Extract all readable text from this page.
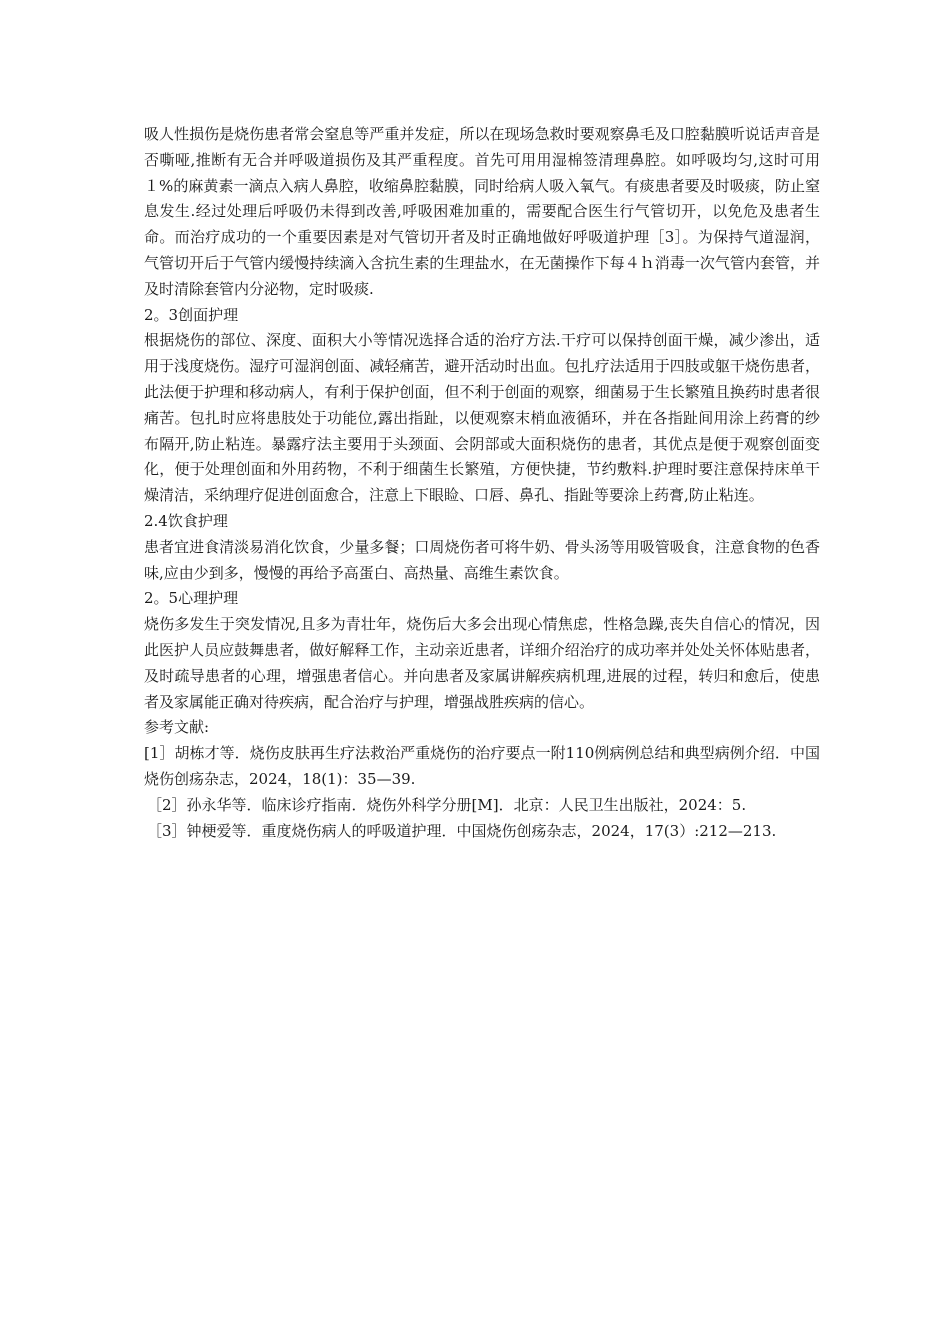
吸人性损伤是烧伤患者常会窒息等严重并发症，所以在现场急救时要观察鼻毛及口腔黏膜听说话声音是否嘶哑,推断有无合并呼吸道损伤及其严重程度。首先可用用湿棉签清理鼻腔。如呼吸均匀,这时可用１%的麻黄素一滴点入病人鼻腔，收缩鼻腔黏膜，同时给病人吸入氧气。有痰患者要及时吸痰，防止窒息发生.经过处理后呼吸仍未得到改善,呼吸困难加重的，需要配合医生行气管切开，以免危及患者生命。而治疗成功的一个重要因素是对气管切开者及时正确地做好呼吸道护理［3］。为保持气道湿润，气管切开后于气管内缓慢持续滴入含抗生素的生理盐水，在无菌操作下每４ｈ消毒一次气管内套管，并及时清除套管内分泌物，定时吸痰.

2。3创面护理

根据烧伤的部位、深度、面积大小等情况选择合适的治疗方法.干疗可以保持创面干燥，减少渗出，适用于浅度烧伤。湿疗可湿润创面、减轻痛苦，避开活动时出血。包扎疗法适用于四肢或躯干烧伤患者，此法便于护理和移动病人，有利于保护创面，但不利于创面的观察，细菌易于生长繁殖且换药时患者很痛苦。包扎时应将患肢处于功能位,露出指趾，以便观察末梢血液循环，并在各指趾间用涂上药膏的纱布隔开,防止粘连。暴露疗法主要用于头颈面、会阴部或大面积烧伤的患者，其优点是便于观察创面变化，便于处理创面和外用药物，不利于细菌生长繁殖，方便快捷，节约敷料.护理时要注意保持床单干燥清洁，采纳理疗促进创面愈合，注意上下眼睑、口唇、鼻孔、指趾等要涂上药膏,防止粘连。

2.4饮食护理

患者宜进食清淡易消化饮食，少量多餐；口周烧伤者可将牛奶、骨头汤等用吸管吸食，注意食物的色香味,应由少到多，慢慢的再给予高蛋白、高热量、高维生素饮食。

2。5心理护理

烧伤多发生于突发情况,且多为青壮年，烧伤后大多会出现心情焦虑，性格急躁,丧失自信心的情况，因此医护人员应鼓舞患者，做好解释工作，主动亲近患者，详细介绍治疗的成功率并处处关怀体贴患者，及时疏导患者的心理，增强患者信心。并向患者及家属讲解疾病机理,进展的过程，转归和愈后，使患者及家属能正确对待疾病，配合治疗与护理，增强战胜疾病的信心。

参考文献:

[1］胡栋才等．烧伤皮肤再生疗法救治严重烧伤的治疗要点一附110例病例总结和典型病例介绍．中国烧伤创疡杂志，2024，18(1)：35—39.

［2］孙永华等．临床诊疗指南．烧伤外科学分册[M]．北京：人民卫生出版社，2024：5.

［3］钟梗爱等．重度烧伤病人的呼吸道护理．中国烧伤创疡杂志，2024，17(3）:212—213.
